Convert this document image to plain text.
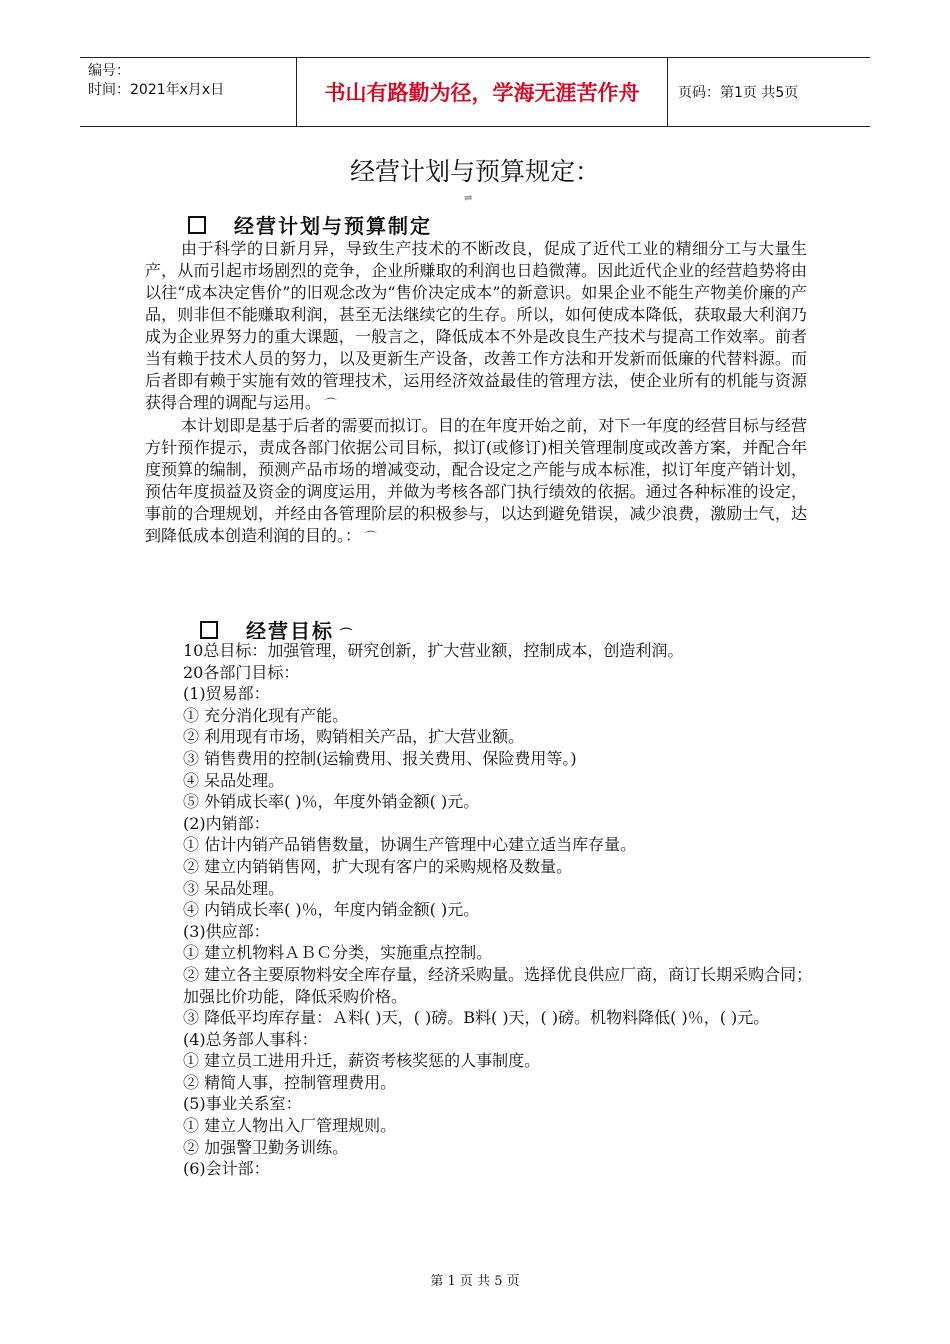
编号：
时间：2021年x月x日	书山有路勤为径，学海无涯苦作舟	页码：第1页 共5页
经营计划与预算规定：
⇌
经营计划与预算制定

由于科学的日新月异，导致生产技术的不断改良，促成了近代工业的精细分工与大量生产，从而引起市场剧烈的竞争，企业所赚取的利润也日趋微薄。因此近代企业的经营趋势将由以往“成本决定售价”的旧观念改为“售价决定成本”的新意识。如果企业不能生产物美价廉的产品，则非但不能赚取利润，甚至无法继续它的生存。所以，如何使成本降低，获取最大利润乃成为企业界努力的重大课题，一般言之，降低成本不外是改良生产技术与提高工作效率。前者当有赖于技术人员的努力，以及更新生产设备，改善工作方法和开发新而低廉的代替料源。而后者即有赖于实施有效的管理技术，运用经济效益最佳的管理方法，使企业所有的机能与资源获得合理的调配与运用。 ⌒

本计划即是基于后者的需要而拟订。目的在年度开始之前，对下一年度的经营目标与经营方针预作提示，责成各部门依据公司目标，拟订(或修订)相关管理制度或改善方案，并配合年度预算的编制，预测产品市场的增减变动，配合设定之产能与成本标准，拟订年度产销计划，预估年度损益及资金的调度运用，并做为考核各部门执行绩效的依据。通过各种标准的设定，事前的合理规划，并经由各管理阶层的积极参与，以达到避免错误，减少浪费，激励士气，达到降低成本创造利润的目的。： ⌒

经营目标 ⌒
10总目标：加强管理，研究创新，扩大营业额，控制成本，创造利润。
20各部门目标：
(1)贸易部：
① 充分消化现有产能。
② 利用现有市场，购销相关产品，扩大营业额。
③ 销售费用的控制(运输费用、报关费用、保险费用等。)
④ 呆品处理。
⑤ 外销成长率( )％，年度外销金额( )元。
(2)内销部：
① 估计内销产品销售数量，协调生产管理中心建立适当库存量。
② 建立内销销售网，扩大现有客户的采购规格及数量。
③ 呆品处理。
④ 内销成长率( )％，年度内销金额( )元。
(3)供应部：
① 建立机物料ＡＢＣ分类，实施重点控制。
② 建立各主要原物料安全库存量，经济采购量。选择优良供应厂商，商订长期采购合同；加强比价功能，降低采购价格。
③ 降低平均库存量：Ａ料( )天，( )磅。B料( )天，( )磅。机物料降低( )％，( )元。
(4)总务部人事科：
① 建立员工进用升迁，薪资考核奖惩的人事制度。
② 精简人事，控制管理费用。
(5)事业关系室：
① 建立人物出入厂管理规则。
② 加强警卫勤务训练。
(6)会计部：
第 1 页 共 5 页
